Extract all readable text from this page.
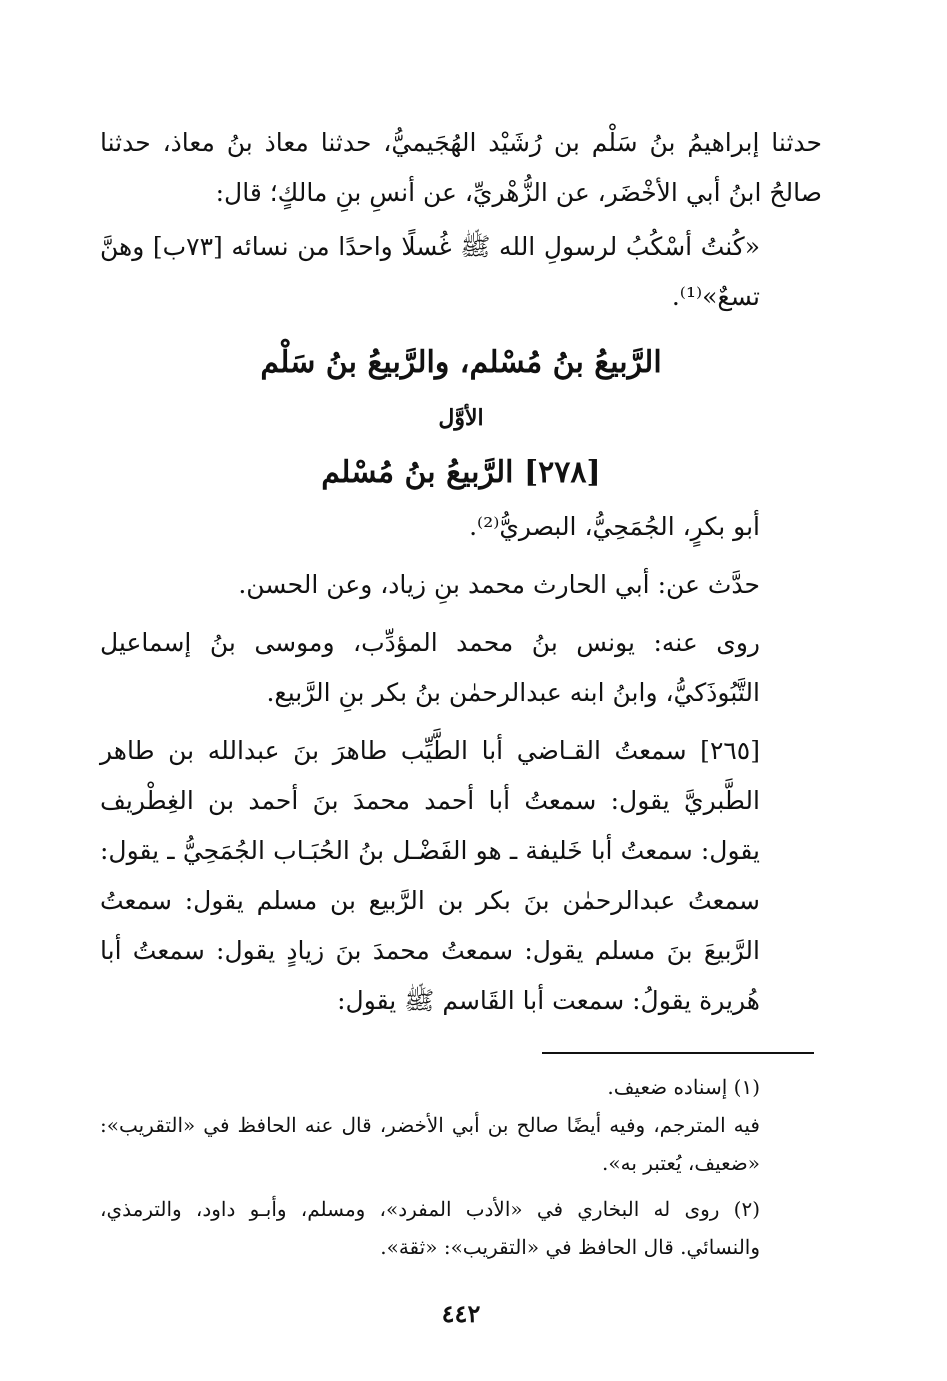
حدثنا إبراهيمُ بنُ سَلْم بن رُشَيْد الهُجَيميُّ، حدثنا معاذ بنُ معاذ، حدثنا صالحُ ابنُ أبي الأخْضَر، عن الزُّهْريِّ، عن أنسِ بنِ مالكٍ؛ قال:

«كُنتُ أسْكُبُ لرسولِ الله ﷺ غُسلًا واحدًا من نسائه [٧٣ب] وهنَّ تسعٌ»⁽¹⁾.

الرَّبيعُ بنُ مُسْلم، والرَّبيعُ بنُ سَلْم
الأوَّل
[٢٧٨] الرَّبيعُ بنُ مُسْلم

أبو بكرٍ، الجُمَحِيُّ، البصريُّ⁽²⁾.

حدَّث عن: أبي الحارث محمد بنِ زياد، وعن الحسن.

روى عنه: يونس بنُ محمد المؤدِّب، وموسى بنُ إسماعيل التَّبُوذَكيُّ، وابنُ ابنه عبدالرحمٰن بنُ بكر بنِ الرَّبيع.

[٢٦٥] سمعتُ القـاضي أبا الطَّيِّب طاهرَ بنَ عبدالله بن طاهر الطَّبريَّ يقول: سمعتُ أبا أحمد محمدَ بنَ أحمد بن الغِطْريف يقول: سمعتُ أبا خَليفة ـ هو الفَضْـل بنُ الحُبَـاب الجُمَحِيُّ ـ يقول: سمعتُ عبدالرحمٰن بنَ بكر بن الرَّبيع بن مسلم يقول: سمعتُ الرَّبيعَ بنَ مسلم يقول: سمعتُ محمدَ بنَ زيادٍ يقول: سمعتُ أبا هُريرة يقولُ: سمعت أبا القَاسم ﷺ يقول:

(١) إسناده ضعيف.

فيه المترجم، وفيه أيضًا صالح بن أبي الأخضر، قال عنه الحافظ في «التقريب»: «ضعيف، يُعتبر به».

(٢) روى له البخاري في «الأدب المفرد»، ومسلم، وأبـو داود، والترمذي، والنسائي. قال الحافظ في «التقريب»: «ثقة».

٤٤٢
